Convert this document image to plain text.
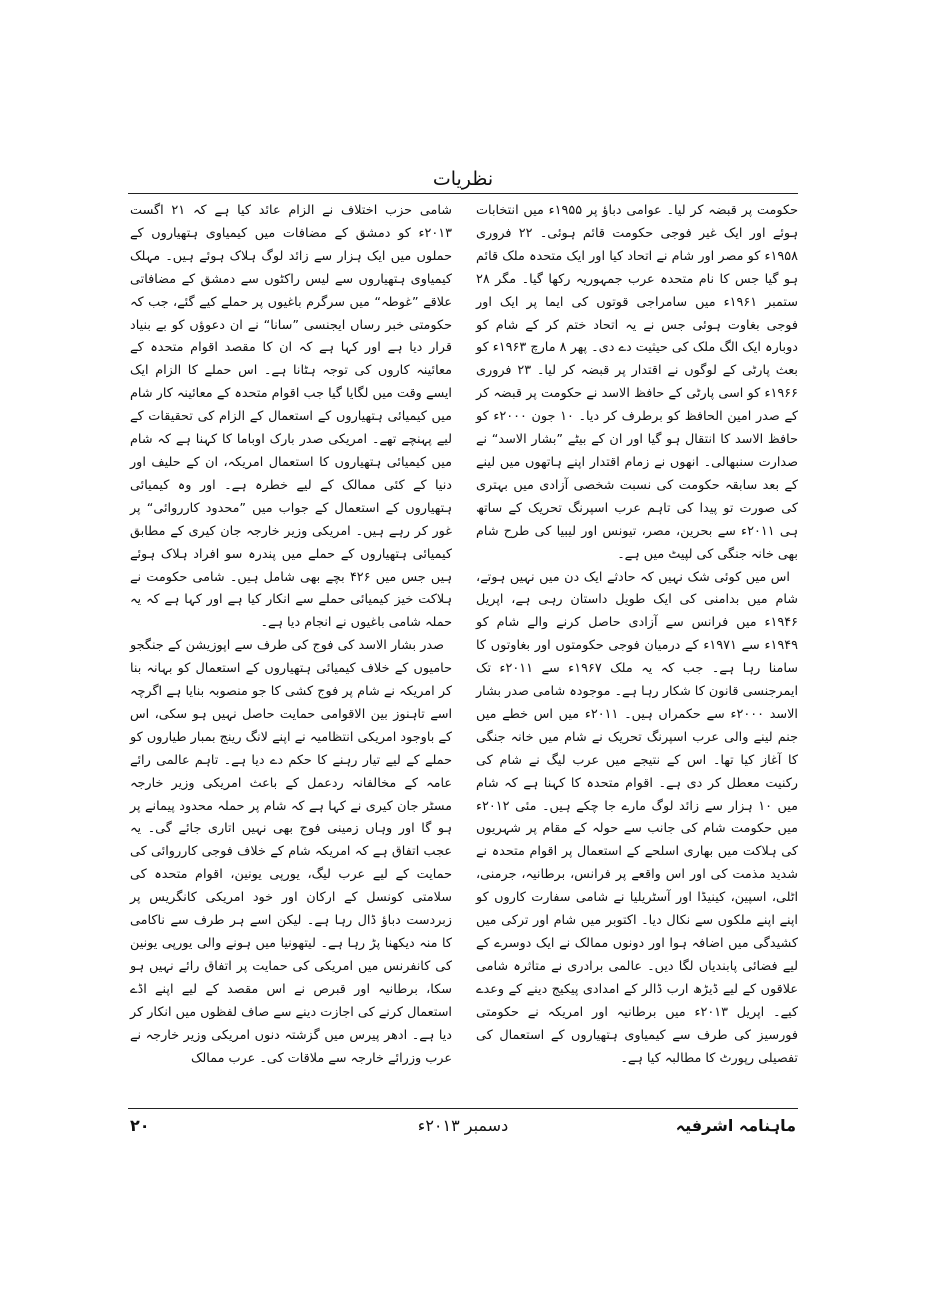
نظریات

حکومت پر قبضہ کر لیا۔ عوامی دباؤ پر ۱۹۵۵ء میں انتخابات ہوئے اور ایک غیر فوجی حکومت قائم ہوئی۔ ۲۲ فروری ۱۹۵۸ء کو مصر اور شام نے اتحاد کیا اور ایک متحدہ ملک قائم ہو گیا جس کا نام متحدہ عرب جمہوریہ رکھا گیا۔ مگر ۲۸ ستمبر ۱۹۶۱ء میں سامراجی قوتوں کی ایما پر ایک اور فوجی بغاوت ہوئی جس نے یہ اتحاد ختم کر کے شام کو دوبارہ ایک الگ ملک کی حیثیت دے دی۔ پھر ۸ مارچ ۱۹۶۳ء کو بعث پارٹی کے لوگوں نے اقتدار پر قبضہ کر لیا۔ ۲۳ فروری ۱۹۶۶ء کو اسی پارٹی کے حافظ الاسد نے حکومت پر قبضہ کر کے صدر امین الحافظ کو برطرف کر دیا۔ ۱۰ جون ۲۰۰۰ء کو حافظ الاسد کا انتقال ہو گیا اور ان کے بیٹے ”بشار الاسد“ نے صدارت سنبھالی۔ انھوں نے زمام اقتدار اپنے ہاتھوں میں لینے کے بعد سابقہ حکومت کی نسبت شخصی آزادی میں بہتری کی صورت تو پیدا کی تاہم عرب اسپرنگ تحریک کے ساتھ ہی ۲۰۱۱ء سے بحرین، مصر، تیونس اور لیبیا کی طرح شام بھی خانہ جنگی کی لپیٹ میں ہے۔

اس میں کوئی شک نہیں کہ حادثے ایک دن میں نہیں ہوتے، شام میں بدامنی کی ایک طویل داستان رہی ہے، اپریل ۱۹۴۶ء میں فرانس سے آزادی حاصل کرنے والے شام کو ۱۹۴۹ء سے ۱۹۷۱ء کے درمیان فوجی حکومتوں اور بغاوتوں کا سامنا رہا ہے۔ جب کہ یہ ملک ۱۹۶۷ء سے ۲۰۱۱ء تک ایمرجنسی قانون کا شکار رہا ہے۔ موجودہ شامی صدر بشار الاسد ۲۰۰۰ء سے حکمراں ہیں۔ ۲۰۱۱ء میں اس خطے میں جنم لینے والی عرب اسپرنگ تحریک نے شام میں خانہ جنگی کا آغاز کیا تھا۔ اس کے نتیجے میں عرب لیگ نے شام کی رکنیت معطل کر دی ہے۔ اقوام متحدہ کا کہنا ہے کہ شام میں ۱۰ ہزار سے زائد لوگ مارے جا چکے ہیں۔ مئی ۲۰۱۲ء میں حکومت شام کی جانب سے حولہ کے مقام پر شہریوں کی ہلاکت میں بھاری اسلحے کے استعمال پر اقوام متحدہ نے شدید مذمت کی اور اس واقعے پر فرانس، برطانیہ، جرمنی، اٹلی، اسپین، کینیڈا اور آسٹریلیا نے شامی سفارت کاروں کو اپنے اپنے ملکوں سے نکال دیا۔ اکتوبر میں شام اور ترکی میں کشیدگی میں اضافہ ہوا اور دونوں ممالک نے ایک دوسرے کے لیے فضائی پابندیاں لگا دیں۔ عالمی برادری نے متاثرہ شامی علاقوں کے لیے ڈیڑھ ارب ڈالر کے امدادی پیکیج دینے کے وعدے کیے۔ اپریل ۲۰۱۳ء میں برطانیہ اور امریکہ نے حکومتی فورسیز کی طرف سے کیمیاوی ہتھیاروں کے استعمال کی تفصیلی رپورٹ کا مطالبہ کیا ہے۔

شامی حزب اختلاف نے الزام عائد کیا ہے کہ ۲۱ اگست ۲۰۱۳ء کو دمشق کے مضافات میں کیمیاوی ہتھیاروں کے حملوں میں ایک ہزار سے زائد لوگ ہلاک ہوئے ہیں۔ مہلک کیمیاوی ہتھیاروں سے لیس راکٹوں سے دمشق کے مضافاتی علاقے ”غوطہ“ میں سرگرم باغیوں پر حملے کیے گئے، جب کہ حکومتی خبر رساں ایجنسی ”سانا“ نے ان دعوؤں کو بے بنیاد قرار دیا ہے اور کہا ہے کہ ان کا مقصد اقوام متحدہ کے معائینہ کاروں کی توجہ ہٹانا ہے۔ اس حملے کا الزام ایک ایسے وقت میں لگایا گیا جب اقوام متحدہ کے معائینہ کار شام میں کیمیائی ہتھیاروں کے استعمال کے الزام کی تحقیقات کے لیے پہنچے تھے۔ امریکی صدر بارک اوباما کا کہنا ہے کہ شام میں کیمیائی ہتھیاروں کا استعمال امریکہ، ان کے حلیف اور دنیا کے کئی ممالک کے لیے خطرہ ہے۔ اور وہ کیمیائی ہتھیاروں کے استعمال کے جواب میں ”محدود کارروائی“ پر غور کر رہے ہیں۔ امریکی وزیر خارجہ جان کیری کے مطابق کیمیائی ہتھیاروں کے حملے میں پندرہ سو افراد ہلاک ہوئے ہیں جس میں ۴۲۶ بچے بھی شامل ہیں۔ شامی حکومت نے ہلاکت خیز کیمیائی حملے سے انکار کیا ہے اور کہا ہے کہ یہ حملہ شامی باغیوں نے انجام دیا ہے۔

صدر بشار الاسد کی فوج کی طرف سے اپوزیشن کے جنگجو حامیوں کے خلاف کیمیائی ہتھیاروں کے استعمال کو بہانہ بنا کر امریکہ نے شام پر فوج کشی کا جو منصوبہ بنایا ہے اگرچہ اسے تاہنوز بین الاقوامی حمایت حاصل نہیں ہو سکی، اس کے باوجود امریکی انتظامیہ نے اپنے لانگ رینج بمبار طیاروں کو حملے کے لیے تیار رہنے کا حکم دے دیا ہے۔ تاہم عالمی رائے عامہ کے مخالفانہ ردعمل کے باعث امریکی وزیر خارجہ مسٹر جان کیری نے کہا ہے کہ شام پر حملہ محدود پیمانے پر ہو گا اور وہاں زمینی فوج بھی نہیں اتاری جائے گی۔ یہ عجب اتفاق ہے کہ امریکہ شام کے خلاف فوجی کارروائی کی حمایت کے لیے عرب لیگ، یورپی یونین، اقوام متحدہ کی سلامتی کونسل کے ارکان اور خود امریکی کانگریس پر زبردست دباؤ ڈال رہا ہے۔ لیکن اسے ہر طرف سے ناکامی کا منہ دیکھنا پڑ رہا ہے۔ لیتھونیا میں ہونے والی یورپی یونین کی کانفرنس میں امریکی کی حمایت پر اتفاق رائے نہیں ہو سکا، برطانیہ اور قبرص نے اس مقصد کے لیے اپنے اڈے استعمال کرنے کی اجازت دینے سے صاف لفظوں میں انکار کر دیا ہے۔ ادھر پیرس میں گزشتہ دنوں امریکی وزیر خارجہ نے عرب وزرائے خارجہ سے ملاقات کی۔ عرب ممالک

۲۰	دسمبر ۲۰۱۳ء	ماہنامہ اشرفیہ
